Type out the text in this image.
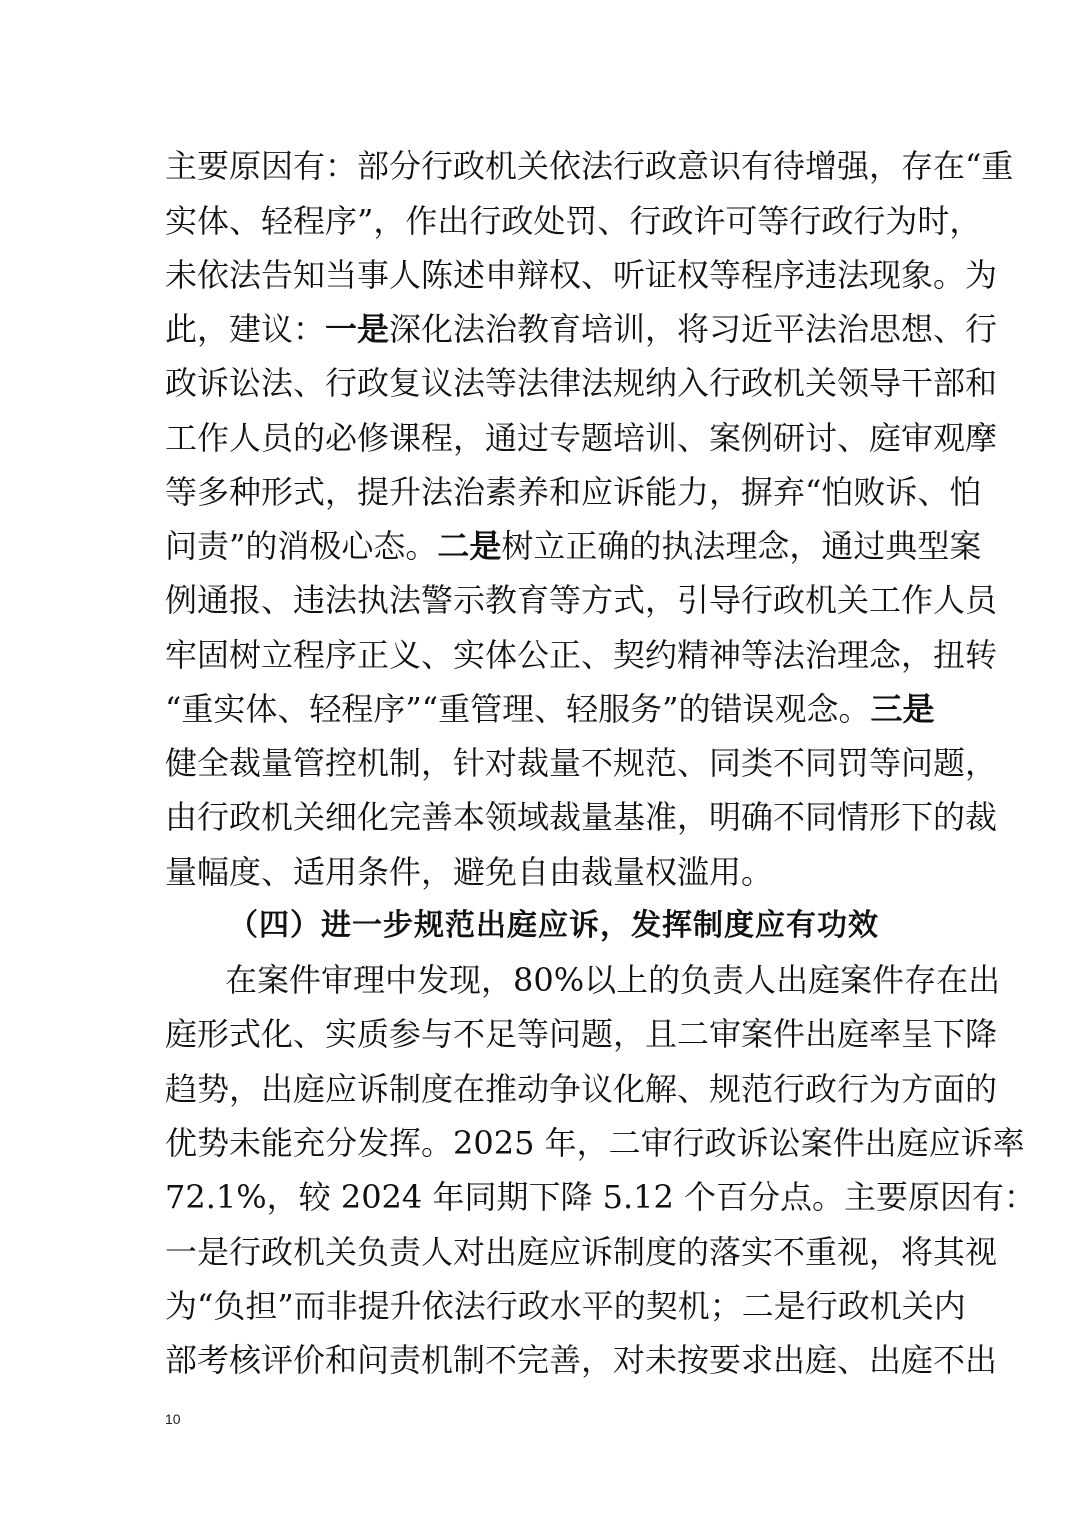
主要原因有：部分行政机关依法行政意识有待增强，存在“重
实体、轻程序”，作出行政处罚、行政许可等行政行为时，
未依法告知当事人陈述申辩权、听证权等程序违法现象。为
此，建议：一是深化法治教育培训，将习近平法治思想、行
政诉讼法、行政复议法等法律法规纳入行政机关领导干部和
工作人员的必修课程，通过专题培训、案例研讨、庭审观摩
等多种形式，提升法治素养和应诉能力，摒弃“怕败诉、怕
问责”的消极心态。二是树立正确的执法理念，通过典型案
例通报、违法执法警示教育等方式，引导行政机关工作人员
牢固树立程序正义、实体公正、契约精神等法治理念，扭转
“重实体、轻程序”“重管理、轻服务”的错误观念。三是
健全裁量管控机制，针对裁量不规范、同类不同罚等问题，
由行政机关细化完善本领域裁量基准，明确不同情形下的裁
量幅度、适用条件，避免自由裁量权滥用。
（四）进一步规范出庭应诉，发挥制度应有功效
在案件审理中发现，80%以上的负责人出庭案件存在出
庭形式化、实质参与不足等问题，且二审案件出庭率呈下降
趋势，出庭应诉制度在推动争议化解、规范行政行为方面的
优势未能充分发挥。2025 年，二审行政诉讼案件出庭应诉率
72.1%，较 2024 年同期下降 5.12 个百分点。主要原因有：
一是行政机关负责人对出庭应诉制度的落实不重视，将其视
为“负担”而非提升依法行政水平的契机；二是行政机关内
部考核评价和问责机制不完善，对未按要求出庭、出庭不出
10
